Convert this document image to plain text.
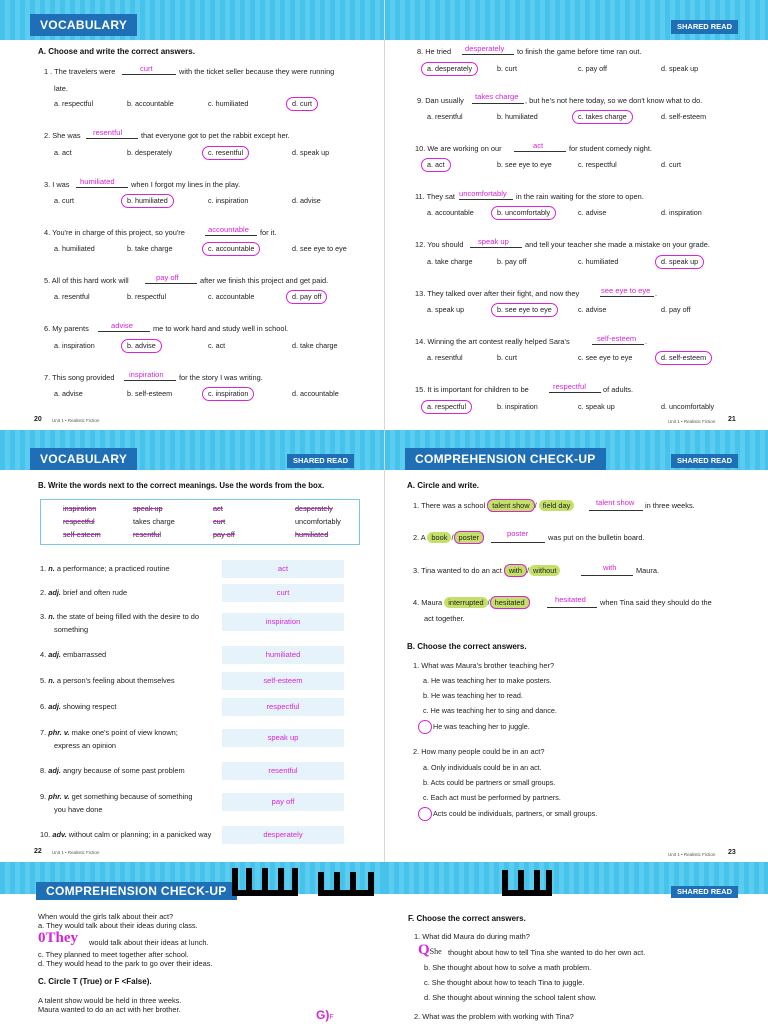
VOCABULARY
A. Choose and write the correct answers.
1 . The travelers were	curt	with the ticket seller because they were running
late.
a. respectful	b. accountable	c. humiliated	d. curt
2. She was resentful	that everyone got to pet the rabbit except her.
a. act	b. desperately	c. resentful	d. speak up
3. I was humiliated when I forgot my lines in the play.
a. curt	b. humiliated	c. inspiration	d. advise
4. You're in charge of this project, so you're	accountable for it.
a. humiliated	b. take charge	c. accountable	d. see eye to eye
5. All of this hard work will	pay off	after we finish this project and get paid.
a. resentful	b. respectful	c. accountable	d. pay off
6. My parents	advise	me to work hard and study well in school.
a. inspiration	b. advise	c. act	d. take charge
7. This song provided inspiration for the story I was writing.
a. advise	b. self-esteem	c. inspiration	d. accountable
20 Unit 1 • Realistic Fiction
SHARED READ
8. He tried desperately to finish the game before time ran out.
a. desperately	b. curt	c. pay off	d. speak up
9. Dan usually takes charge , but he's not here today, so we don't know what to do.
a. resentful	b. humiliated	c. takes charge	d. self-esteem
10. We are working on our	act	for student comedy night.
a. act	b. see eye to eye	c. respectful	d. curt
11. They sat uncomfortably in the rain waiting for the store to open.
a. accountable	b. uncomfortably	c. advise	d. inspiration
12. You should speak up and tell your teacher she made a mistake on your grade.
a. take charge	b. pay off	c. humiliated	d. speak up
13. They talked over after their fight, and now they	see eye to eye .
a. speak up	b. see eye to eye	c. advise	d. pay off
14. Winning the art contest really helped Sara's	self-esteem .
a. resentful	b. curt	c. see eye to eye	d. self-esteem
15. It is important for children to be	respectful of adults.
a. respectful	b. inspiration	c. speak up	d. uncomfortably
Unit 1 • Realistic Fiction 21
VOCABULARY	SHARED READ
B. Write the words next to the correct meanings. Use the words from the box.
inspiration	speak up	act	desperately
respectful	takes charge	curt	uncomfortably
self-esteem	resentful	pay off	humiliated
1. n. a performance; a practiced routine	act
2. adj. brief and often rude	curt
3. n. the state of being filled with the desire to do
something
inspiration
4. adj. embarrassed	humiliated
5. n. a person's feeling about themselves	self-esteem
6. adj. showing respect	respectful
7. phr. v. make one's point of view known;
express an opinion
speak up
8. adj. angry because of some past problem	resentful
9. phr. v. get something because of something
you have done
pay off
10. adv. without calm or planning; in a panicked way	desperately
22 Unit 1 • Realistic Fiction
COMPREHENSION CHECK-UP	SHARED READ
A. Circle and write.
1. There was a school talent show / field day	talent show in three weeks.
2. A book / poster	poster	was put on the bulletin board.
3. Tina wanted to do an act with / without	with	Maura.
4. Maura interrupted / hesitated	hesitated when Tina said they should do the
act together.
B. Choose the correct answers.
1. What was Maura's brother teaching her?
a. He was teaching her to make posters.
b. He was teaching her to read.
c. He was teaching her to sing and dance.
He was teaching her to juggle.
2. How many people could be in an act?
a. Only individuals could be in an act.
b. Acts could be partners or small groups.
c. Each act must be performed by partners.
Acts could be individuals, partners, or small groups.
Unit 1 • Realistic Fiction 23
COMPREHENSION CHECK-UP
When would the girls talk about their act?
a. They would talk about their ideas during class.
0They would talk about their ideas at lunch.
c. They planned to meet together after school.
d. They would head to the park to go over their ideas.
C. Circle T (True) or F <False).
A talent show would be held in three weeks.
Maura wanted to do an act with her brother.	G)F
SHARED READ
F. Choose the correct answers.
1. What did Maura do during math?
QShe thought about how to tell Tina she wanted to do her own act.
b. She thought about how to solve a math problem.
c. She thought about how to teach Tina to juggle.
d. She thought about winning the school talent show.
2. What was the problem with working with Tina?
